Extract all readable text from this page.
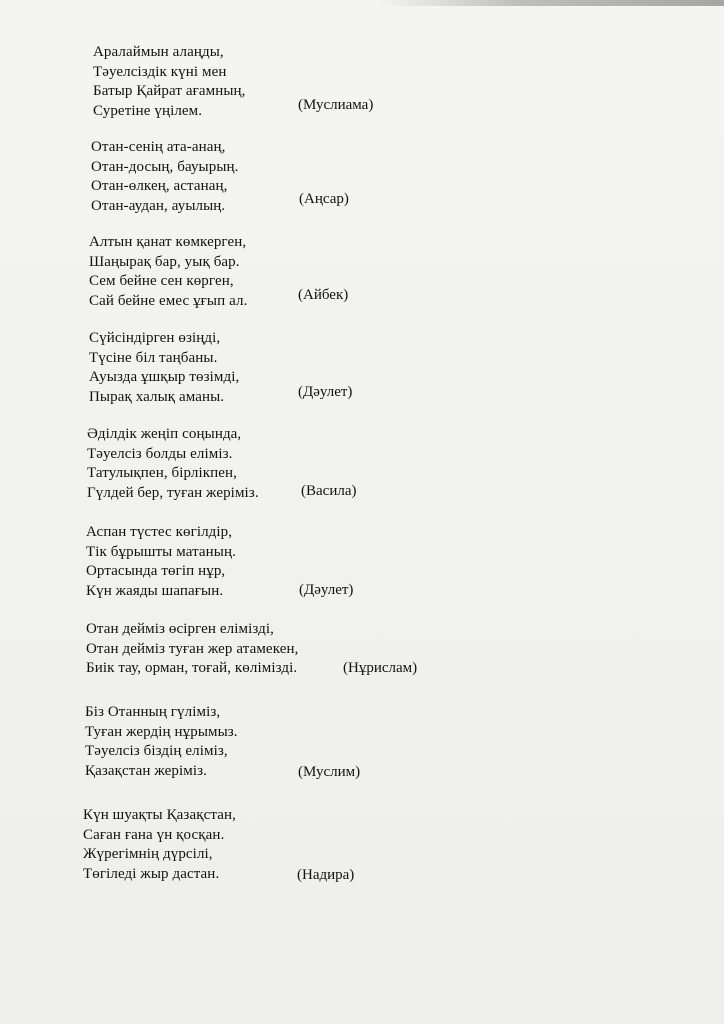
Аралаймын алаңды,
Тәуелсіздік күні мен
Батыр Қайрат ағамның,
Суретіне үңілем.	(Муслиама)
Отан-сенің ата-анаң,
Отан-досың, бауырың.
Отан-өлкең, астанаң,
Отан-аудан, ауылың.	(Аңсар)
Алтын қанат көмкерген,
Шаңырақ бар, уық бар.
Сем бейне сен көрген,
Сай бейне емес ұғып ал.	(Айбек)
Сүйсіндірген өзіңді,
Түсіне біл таңбаны.
Ауызда ұшқыр төзімді,
Пырақ халық аманы.	(Дәулет)
Әділдік жеңіп соңында,
Тәуелсіз болды еліміз.
Татулықпен, бірлікпен,
Гүлдей бер, туған жеріміз.	(Васила)
Аспан түстес көгілдір,
Тік бұрышты матаның.
Ортасында төгіп нұр,
Күн жаяды шапағын.	(Дәулет)
Отан дейміз өсірген елімізді,
Отан дейміз туған жер атамекен,
Биік тау, орман, тоғай, көлімізді.	(Нұрислам)
Біз Отанның гүліміз,
Туған жердің нұрымыз.
Тәуелсіз біздің еліміз,
Қазақстан жеріміз.	(Муслим)
Күн шуақты Қазақстан,
Саған ғана үн қосқан.
Жүрегімнің дүрсілі,
Төгіледі жыр дастан.	(Надира)
